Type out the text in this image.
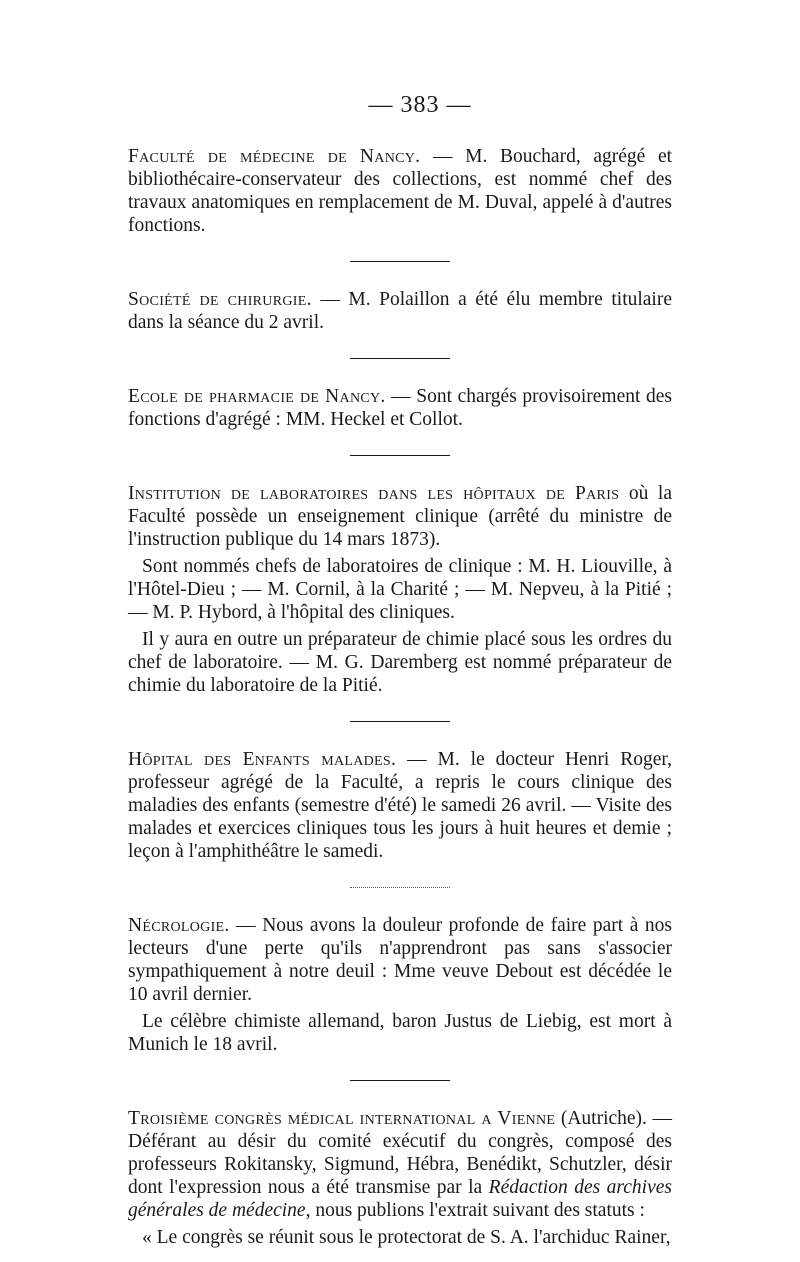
— 383 —

Faculté de médecine de Nancy. — M. Bouchard, agrégé et bibliothécaire-conservateur des collections, est nommé chef des travaux anatomiques en remplacement de M. Duval, appelé à d'autres fonctions.

Société de chirurgie. — M. Polaillon a été élu membre titulaire dans la séance du 2 avril.

Ecole de pharmacie de Nancy. — Sont chargés provisoirement des fonctions d'agrégé : MM. Heckel et Collot.

Institution de laboratoires dans les hôpitaux de Paris où la Faculté possède un enseignement clinique (arrêté du ministre de l'instruction publique du 14 mars 1873).

Sont nommés chefs de laboratoires de clinique : M. H. Liouville, à l'Hôtel-Dieu ; — M. Cornil, à la Charité ; — M. Nepveu, à la Pitié ; — M. P. Hybord, à l'hôpital des cliniques.

Il y aura en outre un préparateur de chimie placé sous les ordres du chef de laboratoire. — M. G. Daremberg est nommé préparateur de chimie du laboratoire de la Pitié.

Hôpital des Enfants malades. — M. le docteur Henri Roger, professeur agrégé de la Faculté, a repris le cours clinique des maladies des enfants (semestre d'été) le samedi 26 avril. — Visite des malades et exercices cliniques tous les jours à huit heures et demie ; leçon à l'amphithéâtre le samedi.

Nécrologie. — Nous avons la douleur profonde de faire part à nos lecteurs d'une perte qu'ils n'apprendront pas sans s'associer sympathiquement à notre deuil : Mme veuve Debout est décédée le 10 avril dernier.

Le célèbre chimiste allemand, baron Justus de Liebig, est mort à Munich le 18 avril.

Troisième congrès médical international a Vienne (Autriche). — Déférant au désir du comité exécutif du congrès, composé des professeurs Rokitansky, Sigmund, Hébra, Benédikt, Schutzler, désir dont l'expression nous a été transmise par la Rédaction des archives générales de médecine, nous publions l'extrait suivant des statuts :

« Le congrès se réunit sous le protectorat de S. A. l'archiduc Rainer,
